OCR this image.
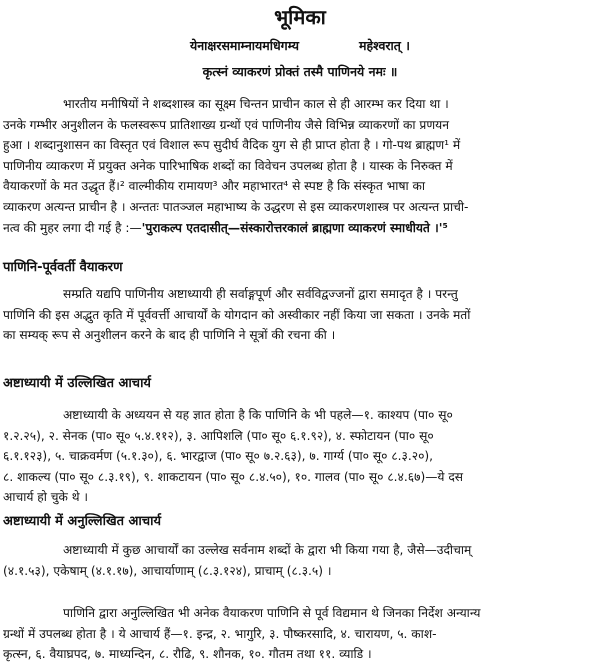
भूमिका
येनाक्षरसमाम्नायमधिगम्य	महेश्वरात् ।
कृत्स्नं व्याकरणं प्रोक्तं तस्मै पाणिनये नमः ॥
भारतीय मनीषियों ने शब्दशास्त्र का सूक्ष्म चिन्तन प्राचीन काल से ही आरम्भ कर दिया था ।
उनके गम्भीर अनुशीलन के फलस्वरूप प्रातिशाख्य ग्रन्थों एवं पाणिनीय जैसे विभिन्न व्याकरणों का प्रणयन
हुआ । शब्दानुशासन का विस्तृत एवं विशाल रूप सुदीर्घ वैदिक युग से ही प्राप्त होता है । गो-पथ ब्राह्मण¹ में
पाणिनीय व्याकरण में प्रयुक्त अनेक पारिभाषिक शब्दों का विवेचन उपलब्ध होता है । यास्क के निरुक्त में
वैयाकरणों के मत उद्धृत हैं।² वाल्मीकीय रामायण³ और महाभारत⁴ से स्पष्ट है कि संस्कृत भाषा का
व्याकरण अत्यन्त प्राचीन है । अन्ततः पातञ्जल महाभाष्य के उद्धरण से इस व्याकरणशास्त्र पर अत्यन्त प्राची-
नत्व की मुहर लगा दी गई है :—'पुराकल्प एतदासीत्—संस्कारोत्तरकालं ब्राह्मणा व्याकरणं स्माधीयते ।'⁵
पाणिनि-पूर्ववर्ती वैयाकरण
सम्प्रति यद्यपि पाणिनीय अष्टाध्यायी ही सर्वाङ्गपूर्ण और सर्वविद्वज्जनों द्वारा समादृत है । परन्तु
पाणिनि की इस अद्भुत कृति में पूर्ववर्त्ती आचार्यों के योगदान को अस्वीकार नहीं किया जा सकता । उनके मतों
का सम्यक् रूप से अनुशीलन करने के बाद ही पाणिनि ने सूत्रों की रचना की ।
अष्टाध्यायी में उल्लिखित आचार्य
अष्टाध्यायी के अध्ययन से यह ज्ञात होता है कि पाणिनि के भी पहले—१. काश्यप (पा० सू०
१.२.२५), २. सेनक (पा० सू० ५.४.११२), ३. आपिशलि (पा० सू० ६.१.९२), ४. स्फोटायन (पा० सू०
६.१.१२३), ५. चाक्रवर्मण (५.१.३०), ६. भारद्वाज (पा० सू० ७.२.६३), ७. गार्ग्य (पा० सू० ८.३.२०),
८. शाकल्य (पा० सू० ८.३.१९), ९. शाकटायन (पा० सू० ८.४.५०), १०. गालव (पा० सू० ८.४.६७)—ये दस
आचार्य हो चुके थे ।
अष्टाध्यायी में अनुल्लिखित आचार्य
अष्टाध्यायी में कुछ आचार्यों का उल्लेख सर्वनाम शब्दों के द्वारा भी किया गया है, जैसे—उदीचाम्
(४.१.५३), एकेषाम् (४.१.१७), आचार्याणाम् (८.३.१२४), प्राचाम् (८.३.५) ।
पाणिनि द्वारा अनुल्लिखित भी अनेक वैयाकरण पाणिनि से पूर्व विद्यमान थे जिनका निर्देश अन्यान्य
ग्रन्थों में उपलब्ध होता है । ये आचार्य हैं—१. इन्द्र, २. भागुरि, ३. पौष्करसादि, ४. चारायण, ५. काश-
कृत्स्न, ६. वैयाघ्रपद, ७. माध्यन्दिन, ८. रौढि, ९. शौनक, १०. गौतम तथा ११. व्याडि ।
